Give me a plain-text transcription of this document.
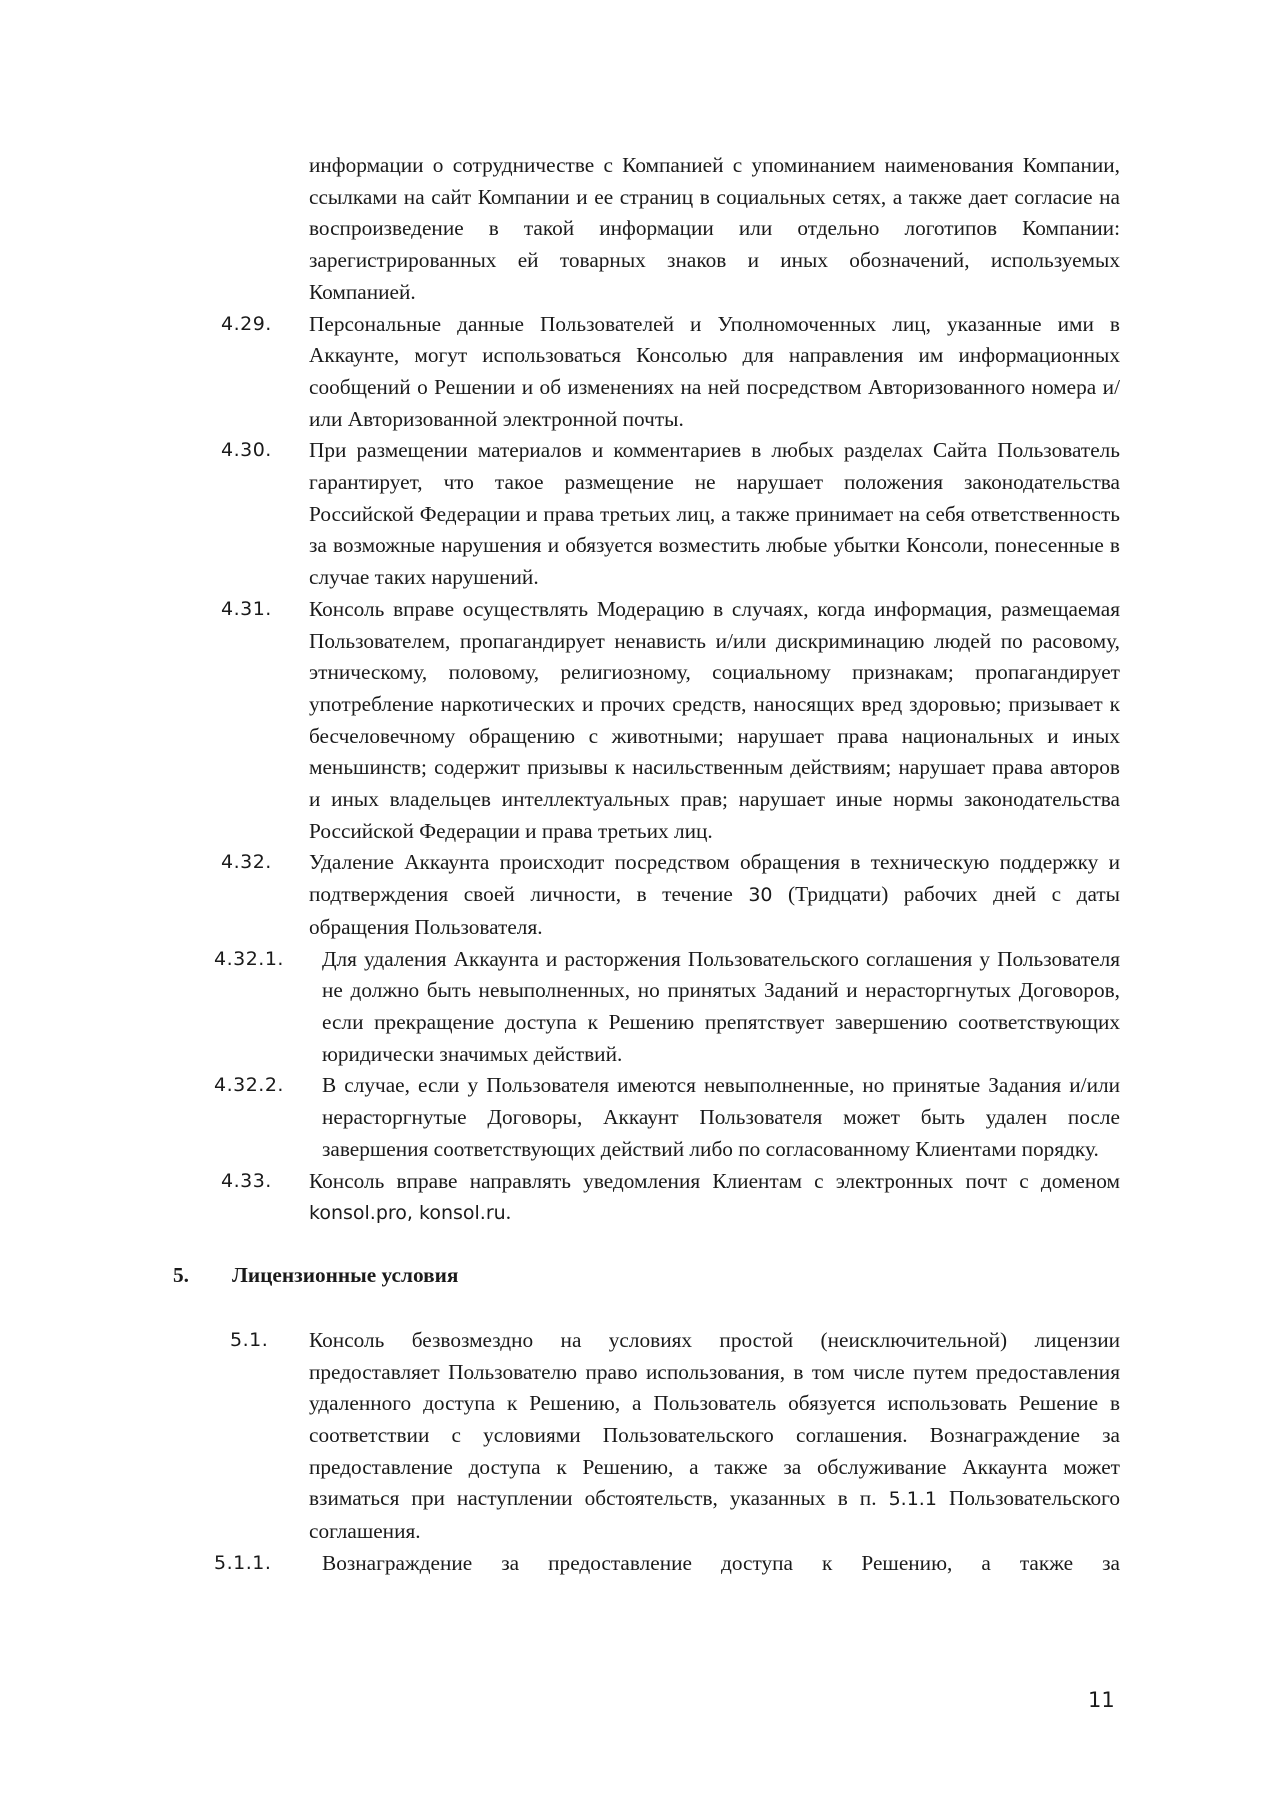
информации о сотрудничестве с Компанией с упоминанием наименования Компании, ссылками на сайт Компании и ее страниц в социальных сетях, а также дает согласие на воспроизведение в такой информации или отдельно логотипов Компании: зарегистрированных ей товарных знаков и иных обозначений, используемых Компанией.
4.29. Персональные данные Пользователей и Уполномоченных лиц, указанные ими в Аккаунте, могут использоваться Консолью для направления им информационных сообщений о Решении и об изменениях на ней посредством Авторизованного номера и/или Авторизованной электронной почты.
4.30. При размещении материалов и комментариев в любых разделах Сайта Пользователь гарантирует, что такое размещение не нарушает положения законодательства Российской Федерации и права третьих лиц, а также принимает на себя ответственность за возможные нарушения и обязуется возместить любые убытки Консоли, понесенные в случае таких нарушений.
4.31. Консоль вправе осуществлять Модерацию в случаях, когда информация, размещаемая Пользователем, пропагандирует ненависть и/или дискриминацию людей по расовому, этническому, половому, религиозному, социальному признакам; пропагандирует употребление наркотических и прочих средств, наносящих вред здоровью; призывает к бесчеловечному обращению с животными; нарушает права национальных и иных меньшинств; содержит призывы к насильственным действиям; нарушает права авторов и иных владельцев интеллектуальных прав; нарушает иные нормы законодательства Российской Федерации и права третьих лиц.
4.32. Удаление Аккаунта происходит посредством обращения в техническую поддержку и подтверждения своей личности, в течение 30 (Тридцати) рабочих дней с даты обращения Пользователя.
4.32.1. Для удаления Аккаунта и расторжения Пользовательского соглашения у Пользователя не должно быть невыполненных, но принятых Заданий и нерасторгнутых Договоров, если прекращение доступа к Решению препятствует завершению соответствующих юридически значимых действий.
4.32.2. В случае, если у Пользователя имеются невыполненные, но принятые Задания и/или нерасторгнутые Договоры, Аккаунт Пользователя может быть удален после завершения соответствующих действий либо по согласованному Клиентами порядку.
4.33. Консоль вправе направлять уведомления Клиентам с электронных почт с доменом konsol.pro, konsol.ru.
5. Лицензионные условия
5.1. Консоль безвозмездно на условиях простой (неисключительной) лицензии предоставляет Пользователю право использования, в том числе путем предоставления удаленного доступа к Решению, а Пользователь обязуется использовать Решение в соответствии с условиями Пользовательского соглашения. Вознаграждение за предоставление доступа к Решению, а также за обслуживание Аккаунта может взиматься при наступлении обстоятельств, указанных в п. 5.1.1 Пользовательского соглашения.
5.1.1. Вознаграждение за предоставление доступа к Решению, а также за
11
